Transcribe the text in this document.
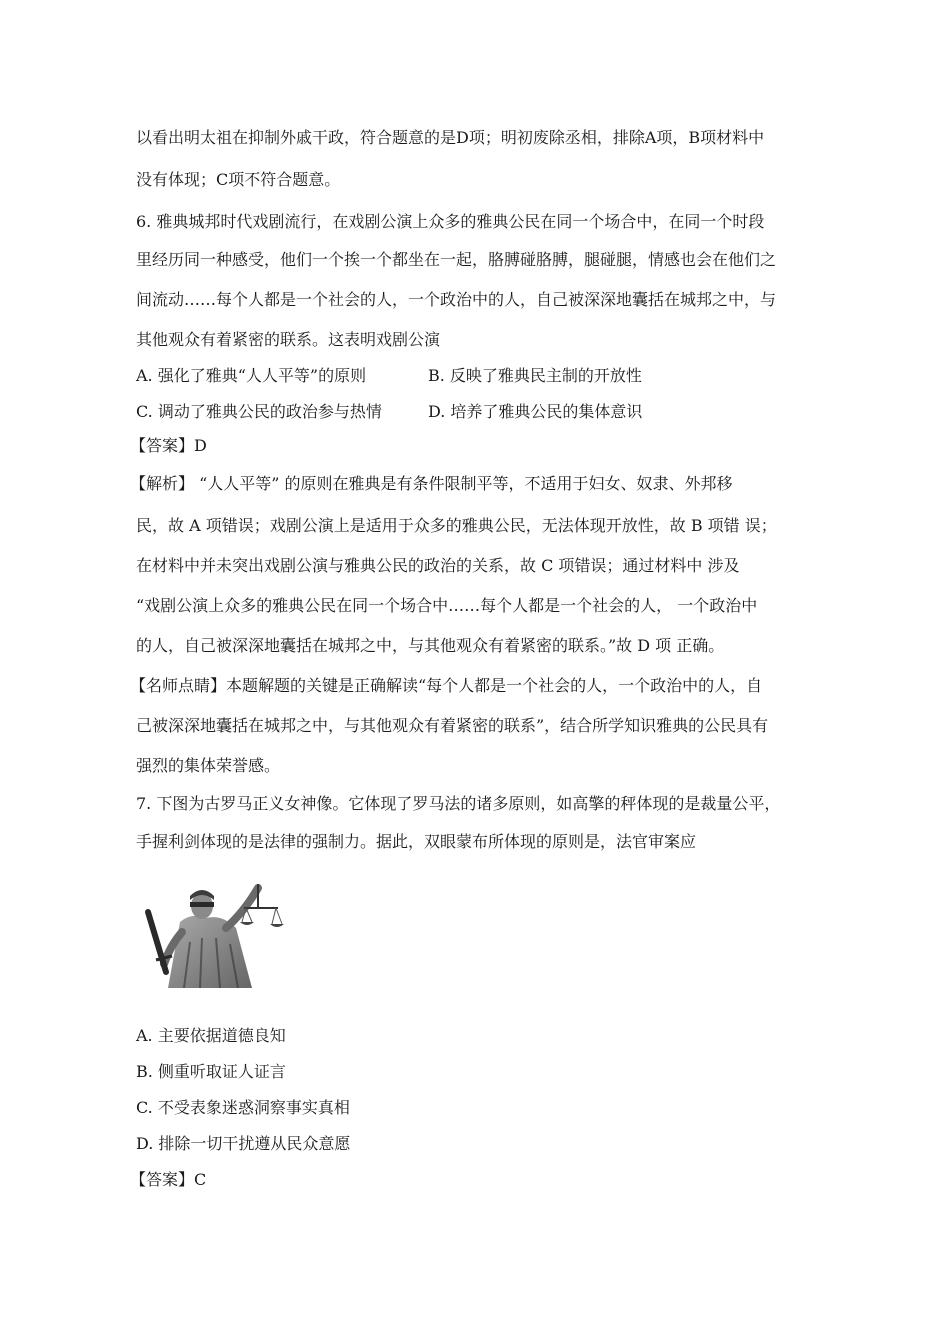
以看出明太祖在抑制外戚干政，符合题意的是D项；明初废除丞相，排除A项，B项材料中
没有体现；C项不符合题意。
6. 雅典城邦时代戏剧流行，在戏剧公演上众多的雅典公民在同一个场合中，在同一个时段
里经历同一种感受，他们一个挨一个都坐在一起，胳膊碰胳膊，腿碰腿，情感也会在他们之
间流动……每个人都是一个社会的人，一个政治中的人，自己被深深地囊括在城邦之中，与
其他观众有着紧密的联系。这表明戏剧公演
A. 强化了雅典“人人平等”的原则	B. 反映了雅典民主制的开放性
C. 调动了雅典公民的政治参与热情	D. 培养了雅典公民的集体意识
【答案】D
【解析】 “人人平等” 的原则在雅典是有条件限制平等，不适用于妇女、奴隶、外邦移
民，故 A 项错误；戏剧公演上是适用于众多的雅典公民，无法体现开放性，故 B 项错 误；
在材料中并未突出戏剧公演与雅典公民的政治的关系，故 C 项错误；通过材料中 涉及
“戏剧公演上众多的雅典公民在同一个场合中……每个人都是一个社会的人， 一个政治中
的人，自己被深深地囊括在城邦之中，与其他观众有着紧密的联系。”故 D 项 正确。
【名师点睛】本题解题的关键是正确解读“每个人都是一个社会的人，一个政治中的人，自
己被深深地囊括在城邦之中，与其他观众有着紧密的联系”，结合所学知识雅典的公民具有
强烈的集体荣誉感。
7. 下图为古罗马正义女神像。它体现了罗马法的诸多原则，如高擎的秤体现的是裁量公平，
手握利剑体现的是法律的强制力。据此，双眼蒙布所体现的原则是，法官审案应
A. 主要依据道德良知
B. 侧重听取证人证言
C. 不受表象迷惑洞察事实真相
D. 排除一切干扰遵从民众意愿
【答案】C
